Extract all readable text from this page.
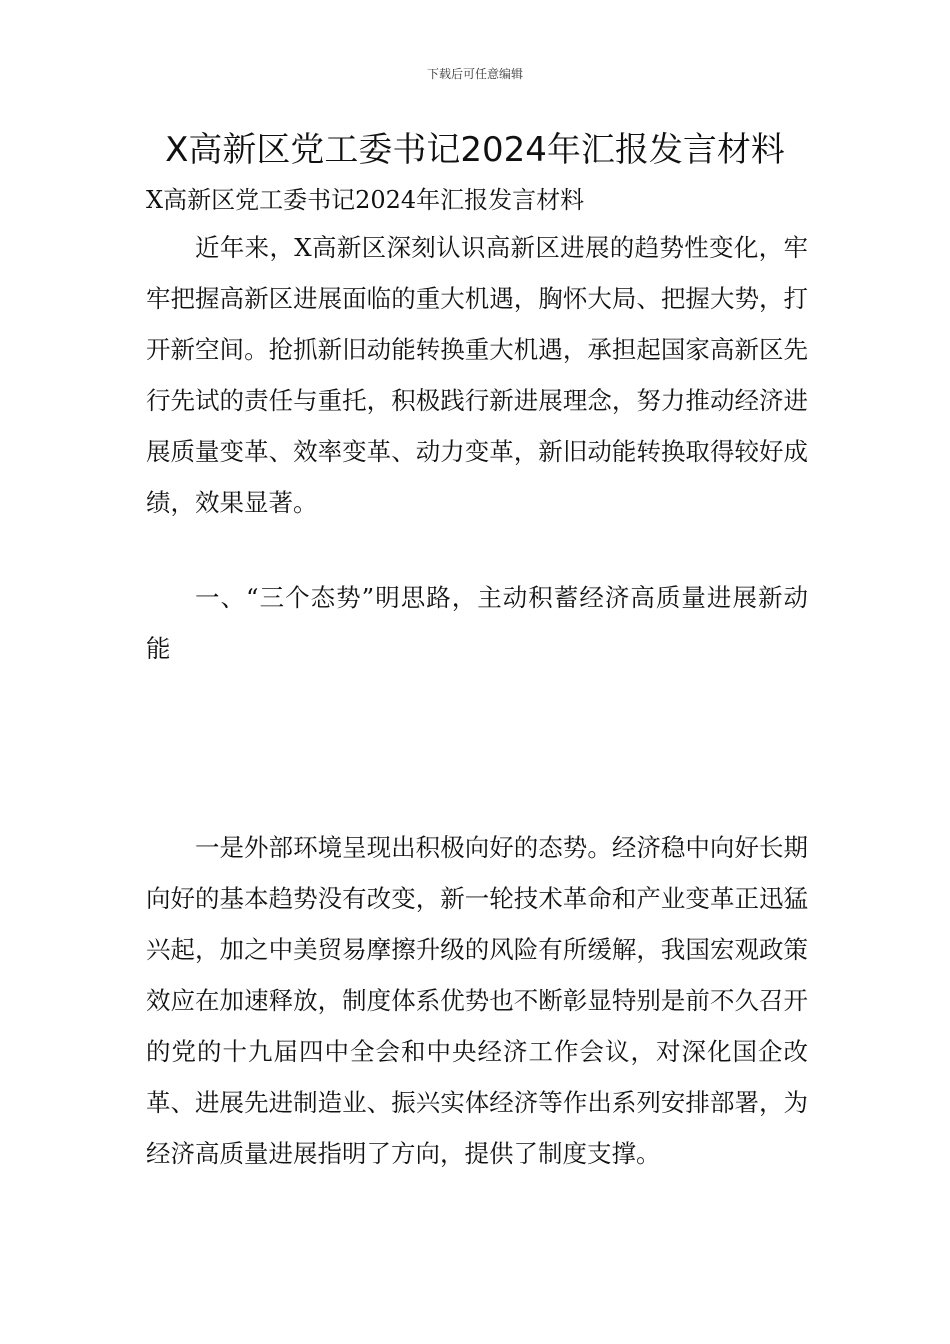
下载后可任意编辑
X高新区党工委书记2024年汇报发言材料

X高新区党工委书记2024年汇报发言材料

近年来，X高新区深刻认识高新区进展的趋势性变化，牢牢把握高新区进展面临的重大机遇，胸怀大局、把握大势，打开新空间。抢抓新旧动能转换重大机遇，承担起国家高新区先行先试的责任与重托，积极践行新进展理念，努力推动经济进展质量变革、效率变革、动力变革，新旧动能转换取得较好成绩，效果显著。

一、“三个态势”明思路，主动积蓄经济高质量进展新动能

一是外部环境呈现出积极向好的态势。经济稳中向好长期向好的基本趋势没有改变，新一轮技术革命和产业变革正迅猛兴起，加之中美贸易摩擦升级的风险有所缓解，我国宏观政策效应在加速释放，制度体系优势也不断彰显特别是前不久召开的党的十九届四中全会和中央经济工作会议，对深化国企改革、进展先进制造业、振兴实体经济等作出系列安排部署，为经济高质量进展指明了方向，提供了制度支撑。
